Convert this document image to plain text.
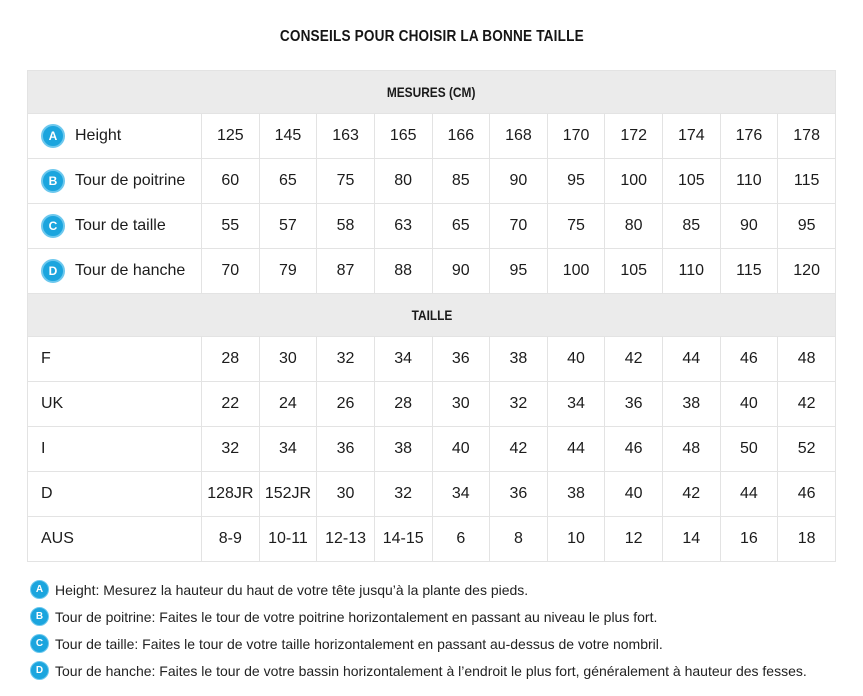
CONSEILS POUR CHOISIR LA BONNE TAILLE
MESURES (CM)											
A Height	125	145	163	165	166	168	170	172	174	176	178
B Tour de poitrine	60	65	75	80	85	90	95	100	105	110	115
C Tour de taille	55	57	58	63	65	70	75	80	85	90	95
D Tour de hanche	70	79	87	88	90	95	100	105	110	115	120
TAILLE											
F	28	30	32	34	36	38	40	42	44	46	48
UK	22	24	26	28	30	32	34	36	38	40	42
I	32	34	36	38	40	42	44	46	48	50	52
D	128JR	152JR	30	32	34	36	38	40	42	44	46
AUS	8-9	10-11	12-13	14-15	6	8	10	12	14	16	18
A Height: Mesurez la hauteur du haut de votre tête jusqu’à la plante des pieds.
B Tour de poitrine: Faites le tour de votre poitrine horizontalement en passant au niveau le plus fort.
C Tour de taille: Faites le tour de votre taille horizontalement en passant au-dessus de votre nombril.
D Tour de hanche: Faites le tour de votre bassin horizontalement à l’endroit le plus fort, généralement à hauteur des fesses.
